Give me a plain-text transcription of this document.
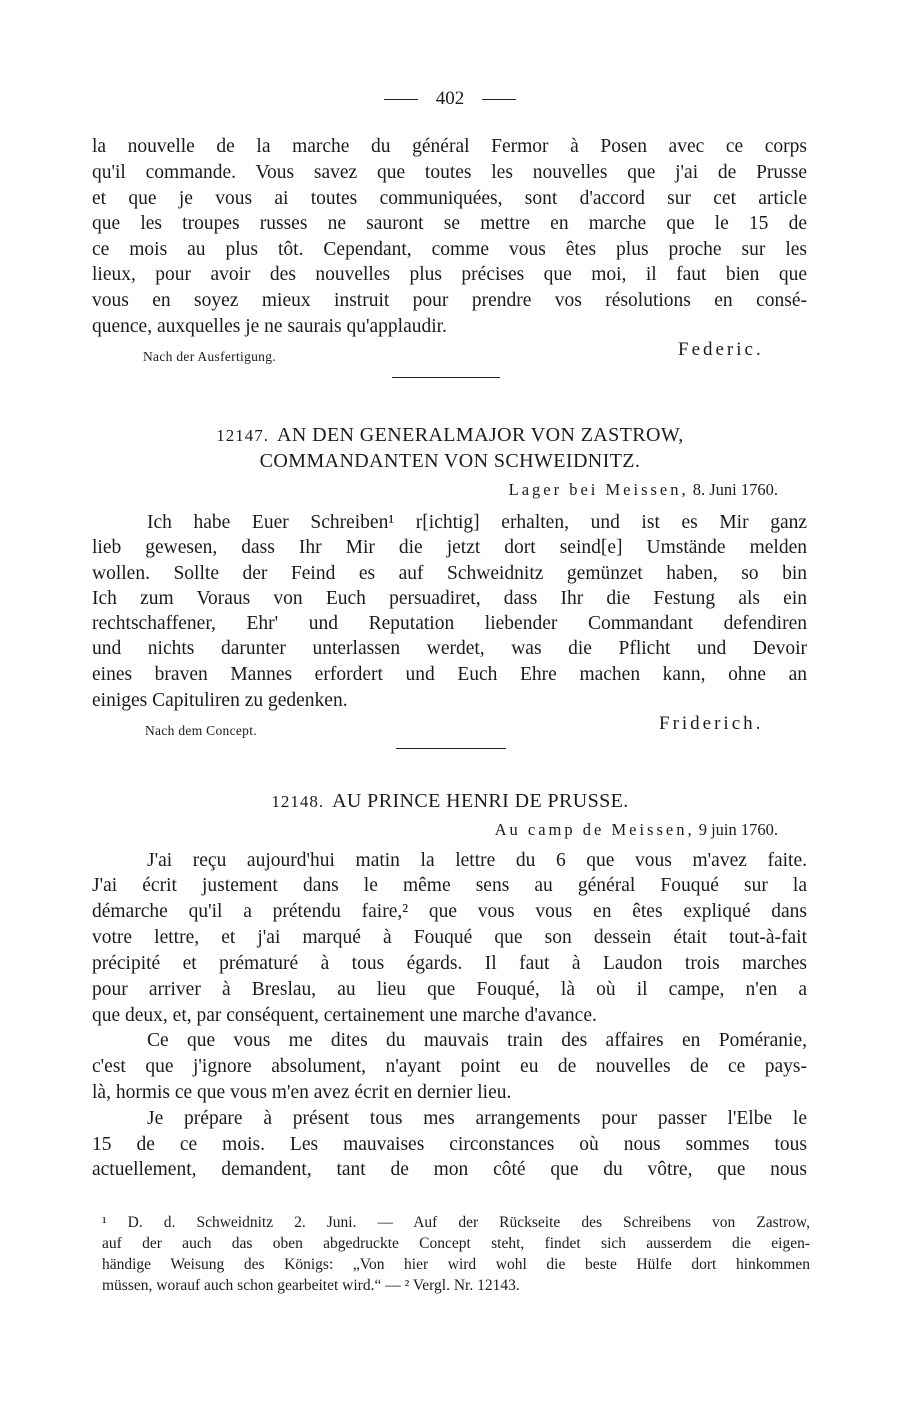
402
la nouvelle de la marche du général Fermor à Posen avec ce corps
qu'il commande. Vous savez que toutes les nouvelles que j'ai de Prusse
et que je vous ai toutes communiquées, sont d'accord sur cet article
que les troupes russes ne sauront se mettre en marche que le 15 de
ce mois au plus tôt. Cependant, comme vous êtes plus proche sur les
lieux, pour avoir des nouvelles plus précises que moi, il faut bien que
vous en soyez mieux instruit pour prendre vos résolutions en consé-
quence, auxquelles je ne saurais qu'applaudir.
Nach der Ausfertigung.	Federic.
12147. AN DEN GENERALMAJOR VON ZASTROW,
COMMANDANTEN VON SCHWEIDNITZ.
Lager bei Meissen, 8. Juni 1760.
Ich habe Euer Schreiben¹ r[ichtig] erhalten, und ist es Mir ganz
lieb gewesen, dass Ihr Mir die jetzt dort seind[e] Umstände melden
wollen. Sollte der Feind es auf Schweidnitz gemünzet haben, so bin
Ich zum Voraus von Euch persuadiret, dass Ihr die Festung als ein
rechtschaffener, Ehr' und Reputation liebender Commandant defendiren
und nichts darunter unterlassen werdet, was die Pflicht und Devoir
eines braven Mannes erfordert und Euch Ehre machen kann, ohne an
einiges Capituliren zu gedenken.
Nach dem Concept.	Friderich.
12148. AU PRINCE HENRI DE PRUSSE.
Au camp de Meissen, 9 juin 1760.
J'ai reçu aujourd'hui matin la lettre du 6 que vous m'avez faite.
J'ai écrit justement dans le même sens au général Fouqué sur la
démarche qu'il a prétendu faire,² que vous vous en êtes expliqué dans
votre lettre, et j'ai marqué à Fouqué que son dessein était tout-à-fait
précipité et prématuré à tous égards. Il faut à Laudon trois marches
pour arriver à Breslau, au lieu que Fouqué, là où il campe, n'en a
que deux, et, par conséquent, certainement une marche d'avance.
Ce que vous me dites du mauvais train des affaires en Poméranie,
c'est que j'ignore absolument, n'ayant point eu de nouvelles de ce pays-
là, hormis ce que vous m'en avez écrit en dernier lieu.
Je prépare à présent tous mes arrangements pour passer l'Elbe le
15 de ce mois. Les mauvaises circonstances où nous sommes tous
actuellement, demandent, tant de mon côté que du vôtre, que nous
¹ D. d. Schweidnitz 2. Juni. — Auf der Rückseite des Schreibens von Zastrow,
auf der auch das oben abgedruckte Concept steht, findet sich ausserdem die eigen-
händige Weisung des Königs: „Von hier wird wohl die beste Hülfe dort hinkommen
müssen, worauf auch schon gearbeitet wird.“ — ² Vergl. Nr. 12143.
